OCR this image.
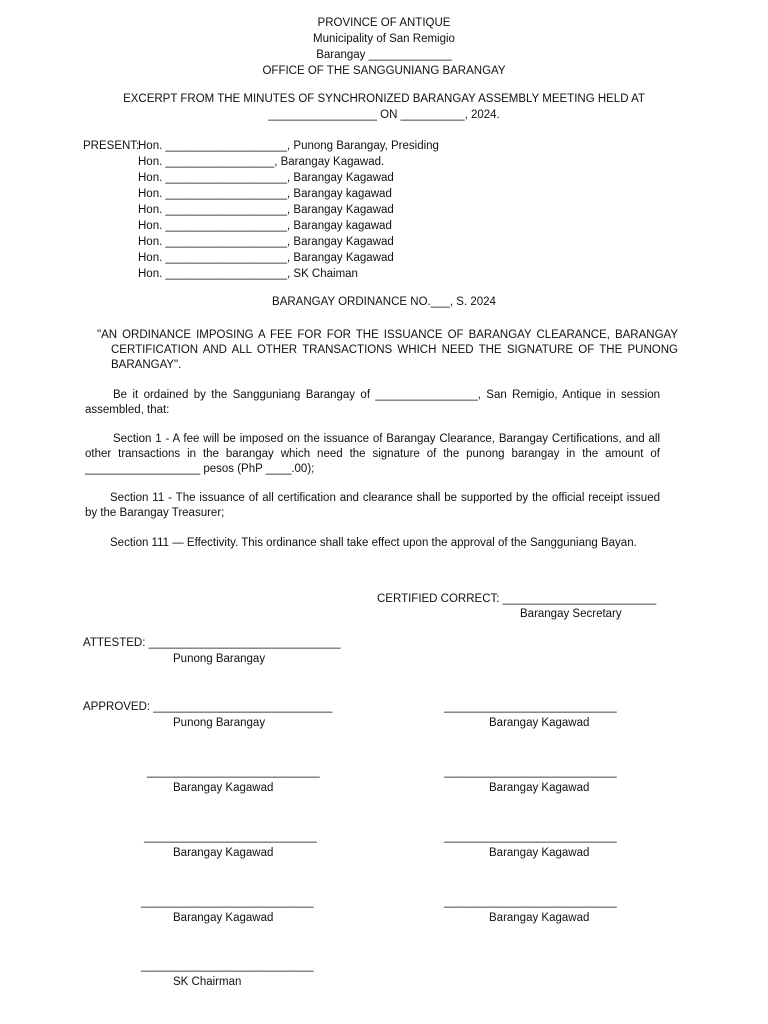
PROVINCE OF ANTIQUE
Municipality of San Remigio
Barangay _____________
OFFICE OF THE SANGGUNIANG BARANGAY
EXCERPT FROM THE MINUTES OF SYNCHRONIZED BARANGAY ASSEMBLY MEETING HELD AT
_________________ ON __________, 2024.
PRESENT:
Hon. ___________________, Punong Barangay, Presiding
Hon. _________________, Barangay Kagawad.
Hon. ___________________, Barangay Kagawad
Hon. ___________________, Barangay kagawad
Hon. ___________________, Barangay Kagawad
Hon. ___________________, Barangay kagawad
Hon. ___________________, Barangay Kagawad
Hon. ___________________, Barangay Kagawad
Hon. ___________________, SK Chaiman
BARANGAY ORDINANCE NO.___, S. 2024
"AN ORDINANCE IMPOSING A FEE FOR FOR THE ISSUANCE OF BARANGAY CLEARANCE, BARANGAY CERTIFICATION AND ALL OTHER TRANSACTIONS WHICH NEED THE SIGNATURE OF THE PUNONG BARANGAY".
Be it ordained by the Sangguniang Barangay of ________________, San Remigio, Antique in session assembled, that:
Section 1 - A fee will be imposed on the issuance of Barangay Clearance, Barangay Certifications, and all other transactions in the barangay which need the signature of the punong barangay in the amount of __________________ pesos (PhP ____.00);
Section 11 - The issuance of all certification and clearance shall be supported by the official receipt issued by the Barangay Treasurer;
Section 111 — Effectivity. This ordinance shall take effect upon the approval of the Sangguniang Bayan.
CERTIFIED CORRECT: ________________________
Barangay Secretary
ATTESTED: ______________________________
Punong Barangay
APPROVED: ____________________________
Punong Barangay
___________________________
Barangay Kagawad
___________________________
Barangay Kagawad
___________________________
Barangay Kagawad
___________________________
Barangay Kagawad
___________________________
Barangay Kagawad
___________________________
Barangay Kagawad
___________________________
Barangay Kagawad
___________________________
SK Chairman
